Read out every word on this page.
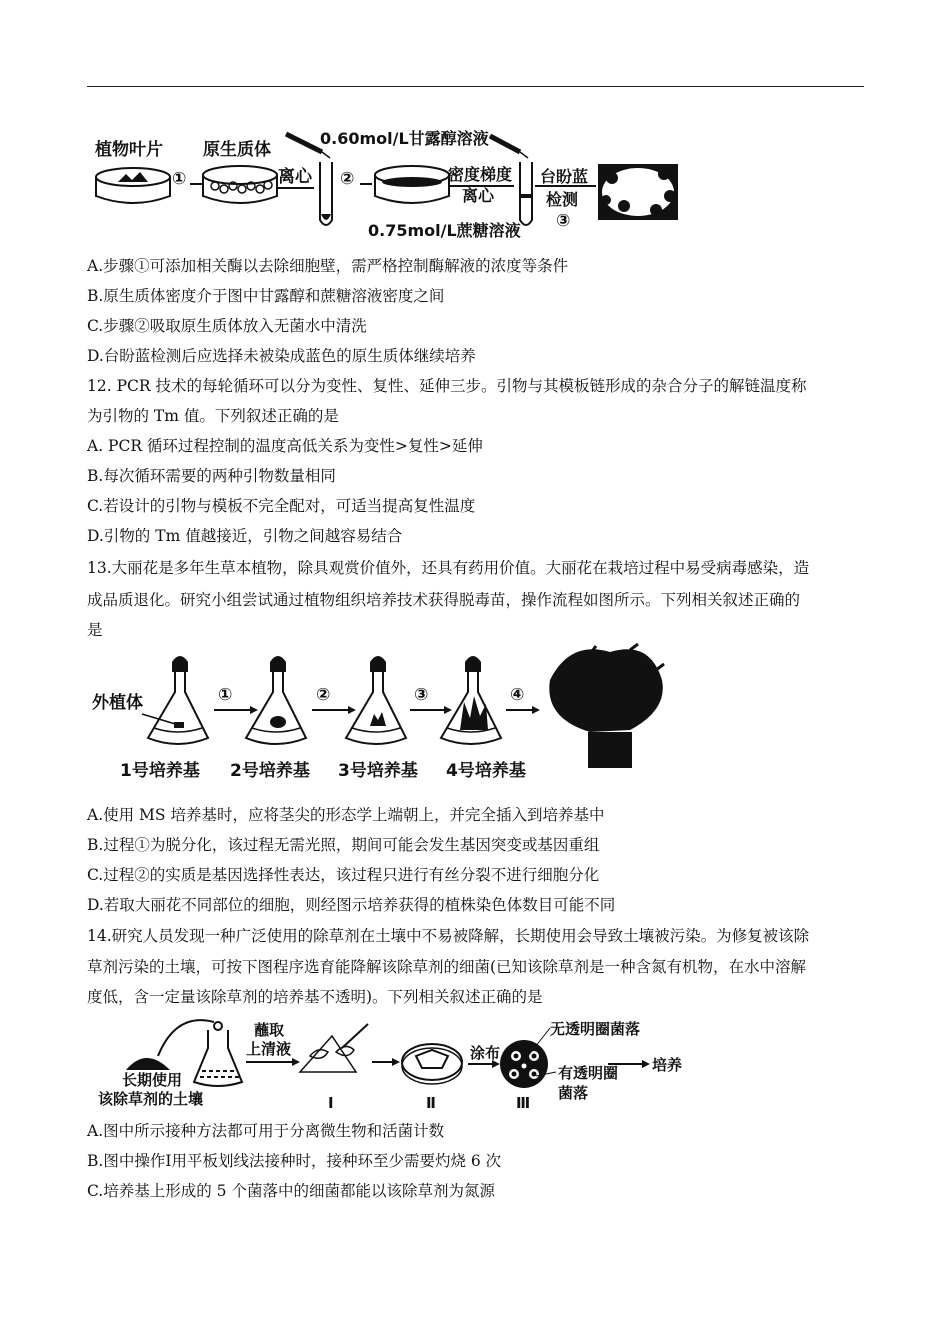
植物叶片 原生质体
①	离心
0.60mol/L甘露醇溶液
②	密度梯度
离心
0.75mol/L蔗糖溶液
台盼蓝
检测
③
A.步骤①可添加相关酶以去除细胞壁，需严格控制酶解液的浓度等条件
B.原生质体密度介于图中甘露醇和蔗糖溶液密度之间
C.步骤②吸取原生质体放入无菌水中清洗
D.台盼蓝检测后应选择未被染成蓝色的原生质体继续培养
12. PCR 技术的每轮循环可以分为变性、复性、延伸三步。引物与其模板链形成的杂合分子的解链温度称
为引物的 Tm 值。下列叙述正确的是
A. PCR 循环过程控制的温度高低关系为变性>复性>延伸
B.每次循环需要的两种引物数量相同
C.若设计的引物与模板不完全配对，可适当提高复性温度
D.引物的 Tm 值越接近，引物之间越容易结合
13.大丽花是多年生草本植物，除具观赏价值外，还具有药用价值。大丽花在栽培过程中易受病毒感染，造
成品质退化。研究小组尝试通过植物组织培养技术获得脱毒苗，操作流程如图所示。下列相关叙述正确的
是
外植体	①	②	③	④
1号培养基 2号培养基 3号培养基 4号培养基
A.使用 MS 培养基时，应将茎尖的形态学上端朝上，并完全插入到培养基中
B.过程①为脱分化，该过程无需光照，期间可能会发生基因突变或基因重组
C.过程②的实质是基因选择性表达，该过程只进行有丝分裂不进行细胞分化
D.若取大丽花不同部位的细胞，则经图示培养获得的植株染色体数目可能不同
14.研究人员发现一种广泛使用的除草剂在土壤中不易被降解，长期使用会导致土壤被污染。为修复被该除
草剂污染的土壤，可按下图程序选育能降解该除草剂的细菌(已知该除草剂是一种含氮有机物，在水中溶解
度低，含一定量该除草剂的培养基不透明)。下列相关叙述正确的是
长期使用
该除草剂的土壤
蘸取
上清液
Ⅰ	Ⅱ
涂布
Ⅲ
无透明圈菌落
有透明圈
菌落
培养
A.图中所示接种方法都可用于分离微生物和活菌计数
B.图中操作Ⅰ用平板划线法接种时，接种环至少需要灼烧 6 次
C.培养基上形成的 5 个菌落中的细菌都能以该除草剂为氮源
